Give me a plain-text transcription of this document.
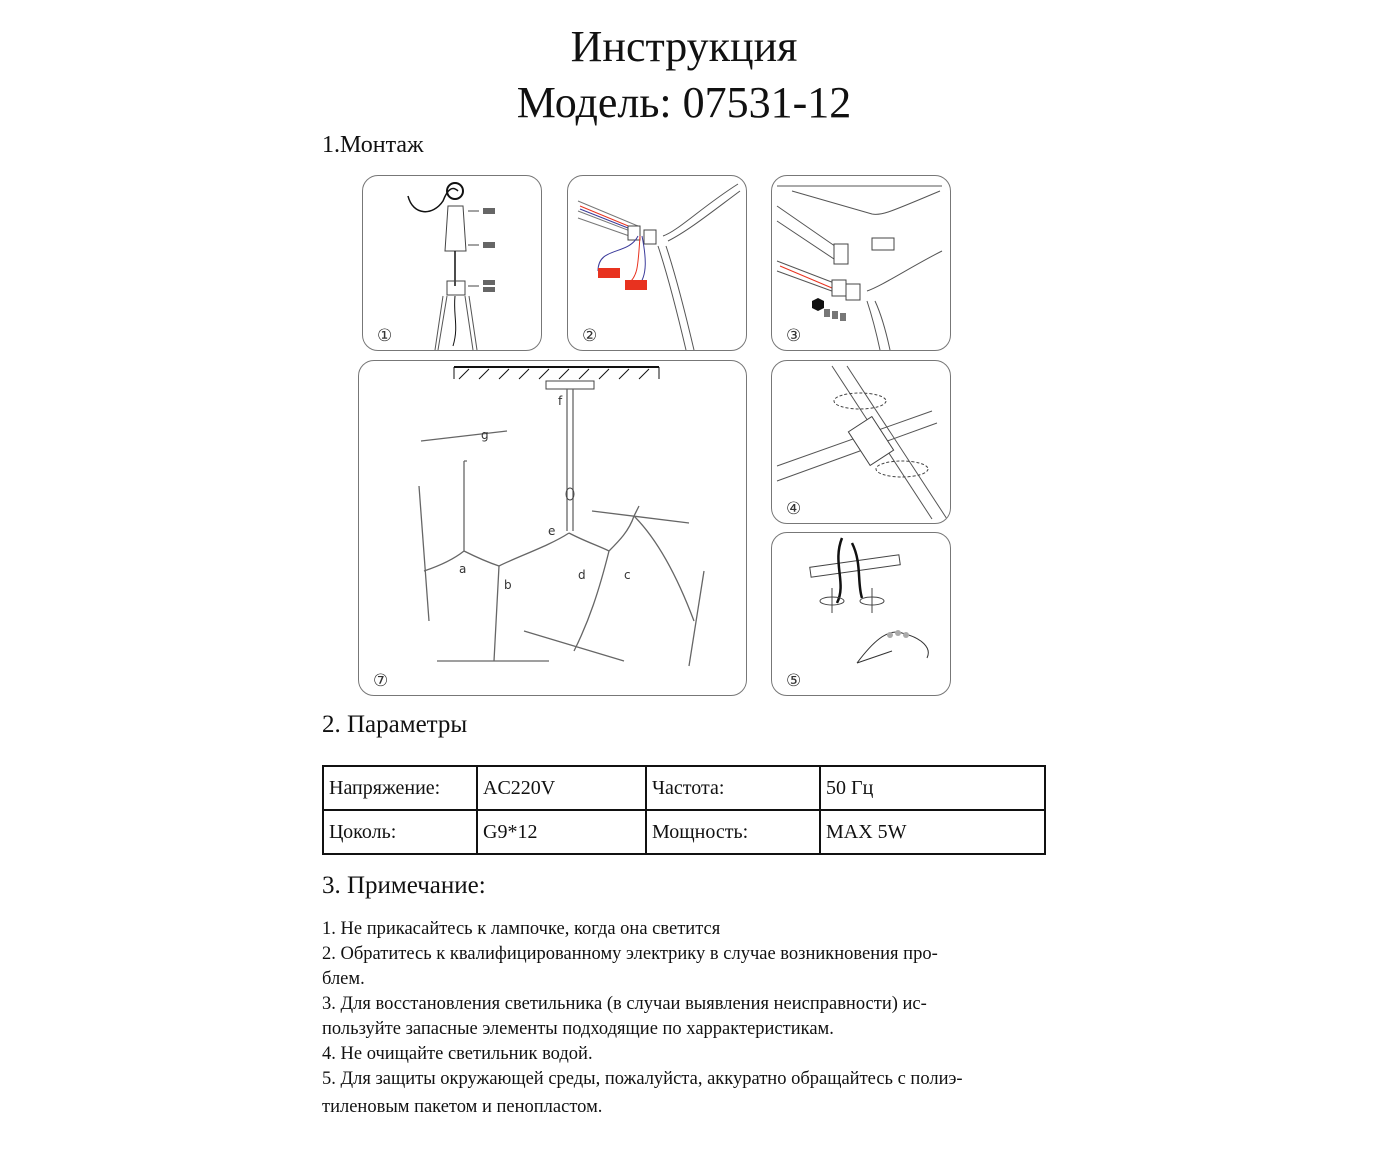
Инструкция
Модель: 07531-12
1.Монтаж
①	②	③
f
g
e
a
b
d	c
⑦
④
⑤
2. Параметры
Напряжение:	AC220V	Частота:	50 Гц
Цоколь:	G9*12	Мощность:	MAX 5W
3. Примечание:
1. Не прикасайтесь к лампочке, когда она светится
2. Обратитесь к квалифицированному электрику в случае возникновения про-
блем.
3. Для восстановления светильника (в случаи выявления неисправности) ис-
пользуйте запасные элементы подходящие по харрактеристикам.
4. Не очищайте светильник водой.
5. Для защиты окружающей среды, пожалуйста, аккуратно обращайтесь с полиэ-
тиленовым пакетом и пенопластом.
